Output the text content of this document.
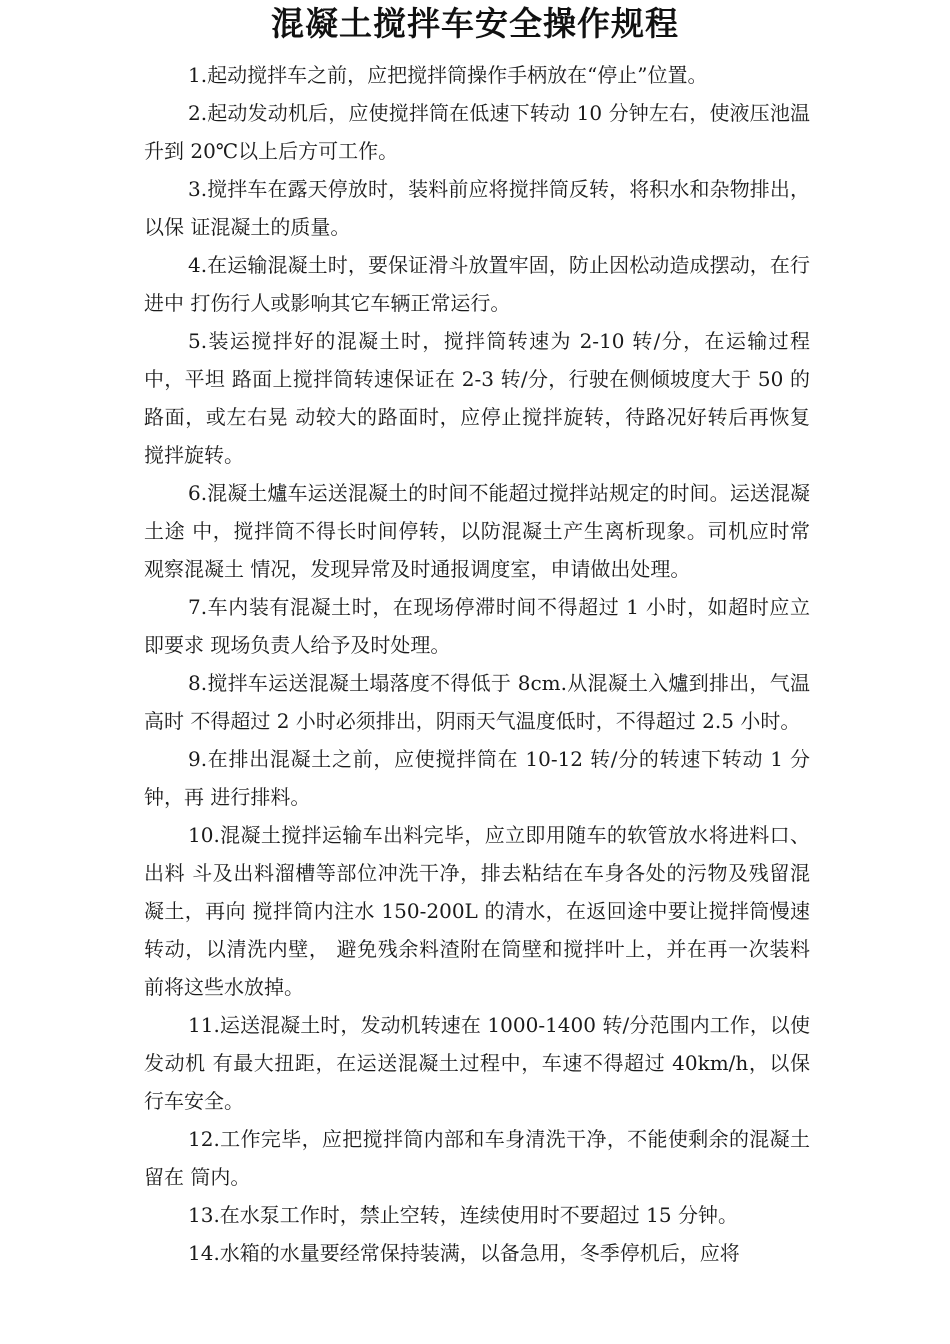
混凝土搅拌车安全操作规程

1.起动搅拌车之前，应把搅拌筒操作手柄放在“停止”位置。

2.起动发动机后，应使搅拌筒在低速下转动 10 分钟左右，使液压池温升到 20℃以上后方可工作。

3.搅拌车在露天停放时，装料前应将搅拌筒反转，将积水和杂物排出，以保 证混凝土的质量。

4.在运输混凝土时，要保证滑斗放置牢固，防止因松动造成摆动，在行进中 打伤行人或影响其它车辆正常运行。

5.装运搅拌好的混凝土时，搅拌筒转速为 2-10 转/分，在运输过程中，平坦 路面上搅拌筒转速保证在 2-3 转/分，行驶在侧倾坡度大于 50 的路面，或左右晃 动较大的路面时，应停止搅拌旋转，待路况好转后再恢复搅拌旋转。

6.混凝土爐车运送混凝土的时间不能超过搅拌站规定的时间。运送混凝土途 中，搅拌筒不得长时间停转，以防混凝土产生离析现象。司机应时常观察混凝土 情况，发现异常及时通报调度室，申请做出处理。

7.车内装有混凝土时，在现场停滞时间不得超过 1 小时，如超时应立即要求 现场负责人给予及时处理。

8.搅拌车运送混凝土塌落度不得低于 8cm.从混凝土入爐到排出，气温高时 不得超过 2 小时必须排出，阴雨天气温度低时，不得超过 2.5 小时。

9.在排出混凝土之前，应使搅拌筒在 10-12 转/分的转速下转动 1 分钟，再 进行排料。

10.混凝土搅拌运输车出料完毕，应立即用随车的软管放水将进料口、出料 斗及出料溜槽等部位冲洗干净，排去粘结在车身各处的污物及残留混凝土，再向 搅拌筒内注水 150-200L 的清水，在返回途中要让搅拌筒慢速转动，以清洗内壁， 避免残余料渣附在筒壁和搅拌叶上，并在再一次装料前将这些水放掉。

11.运送混凝土时，发动机转速在 1000-1400 转/分范围内工作，以使发动机 有最大扭距，在运送混凝土过程中，车速不得超过 40km/h，以保行车安全。

12.工作完毕，应把搅拌筒内部和车身清洗干净，不能使剩余的混凝土留在 筒内。

13.在水泵工作时，禁止空转，连续使用时不要超过 15 分钟。

14.水箱的水量要经常保持装满，以备急用，冬季停机后，应将
